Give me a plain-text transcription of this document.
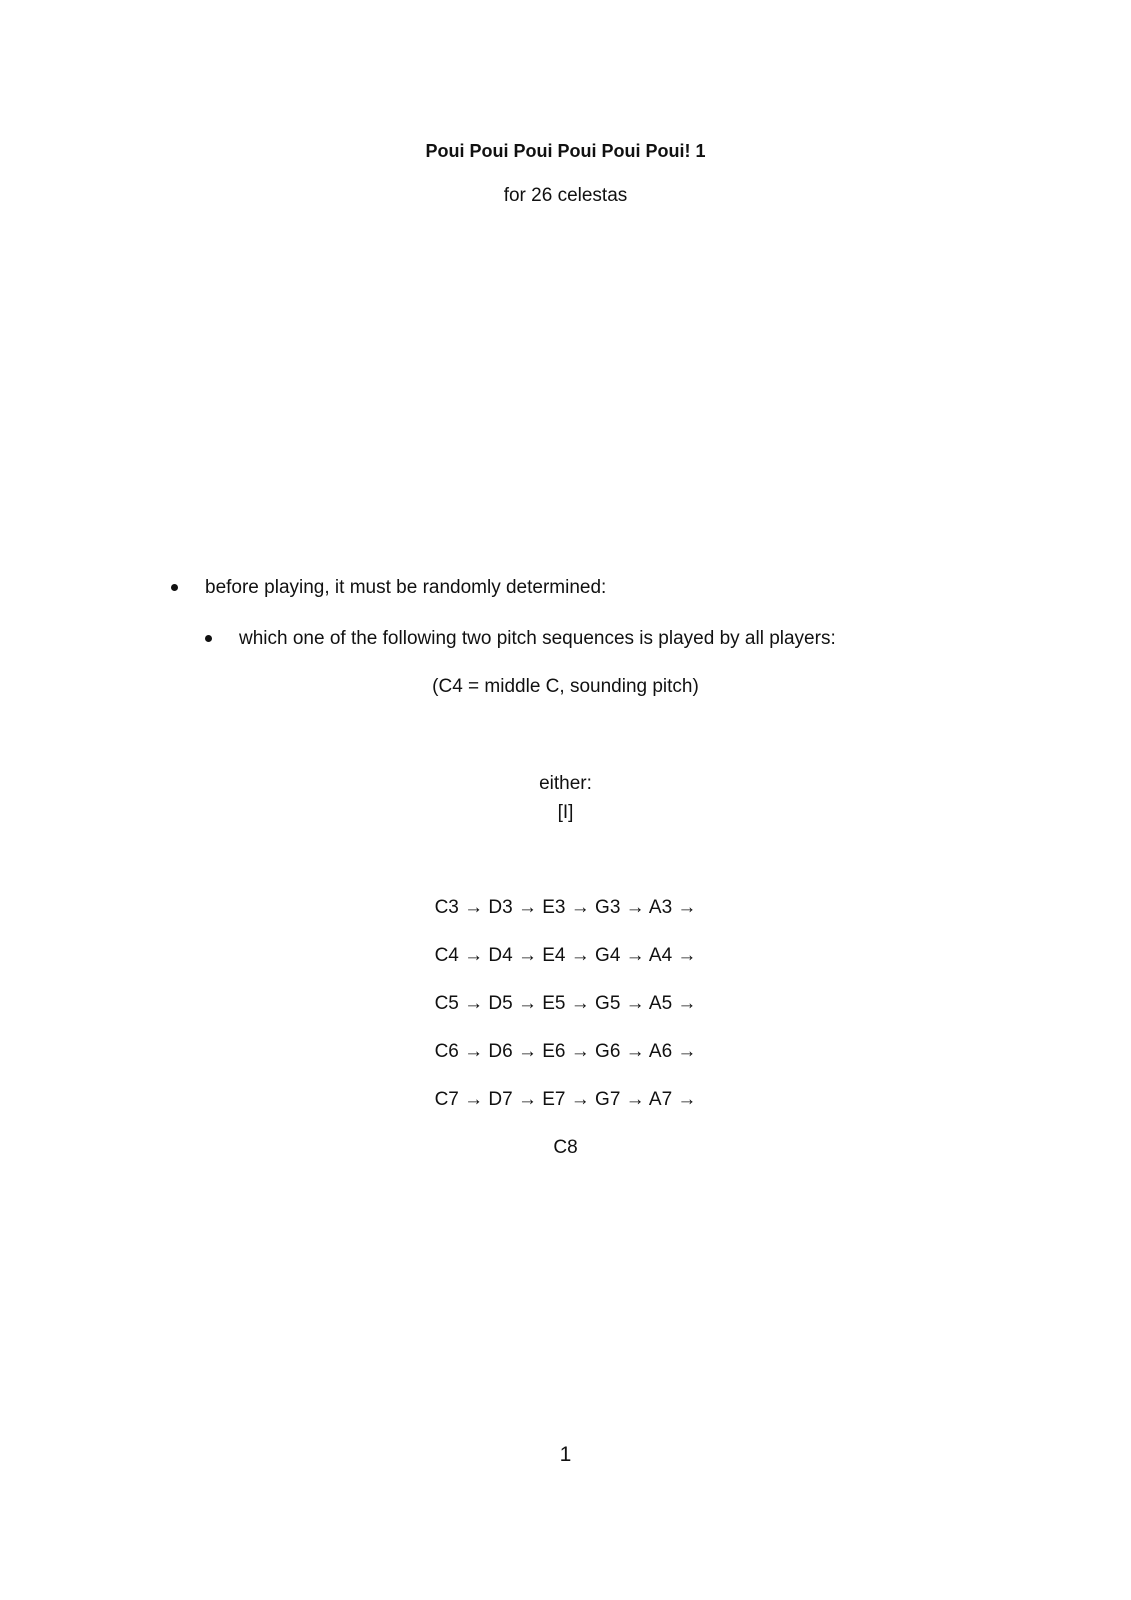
Poui Poui Poui Poui Poui Poui! 1
for 26 celestas
before playing, it must be randomly determined:
which one of the following two pitch sequences is played by all players:
(C4 = middle C, sounding pitch)
either:
[I]
C3 → D3 → E3 → G3 → A3 →
C4 → D4 → E4 → G4 → A4 →
C5 → D5 → E5 → G5 → A5 →
C6 → D6 → E6 → G6 → A6 →
C7 → D7 → E7 → G7 → A7 →
C8
1
